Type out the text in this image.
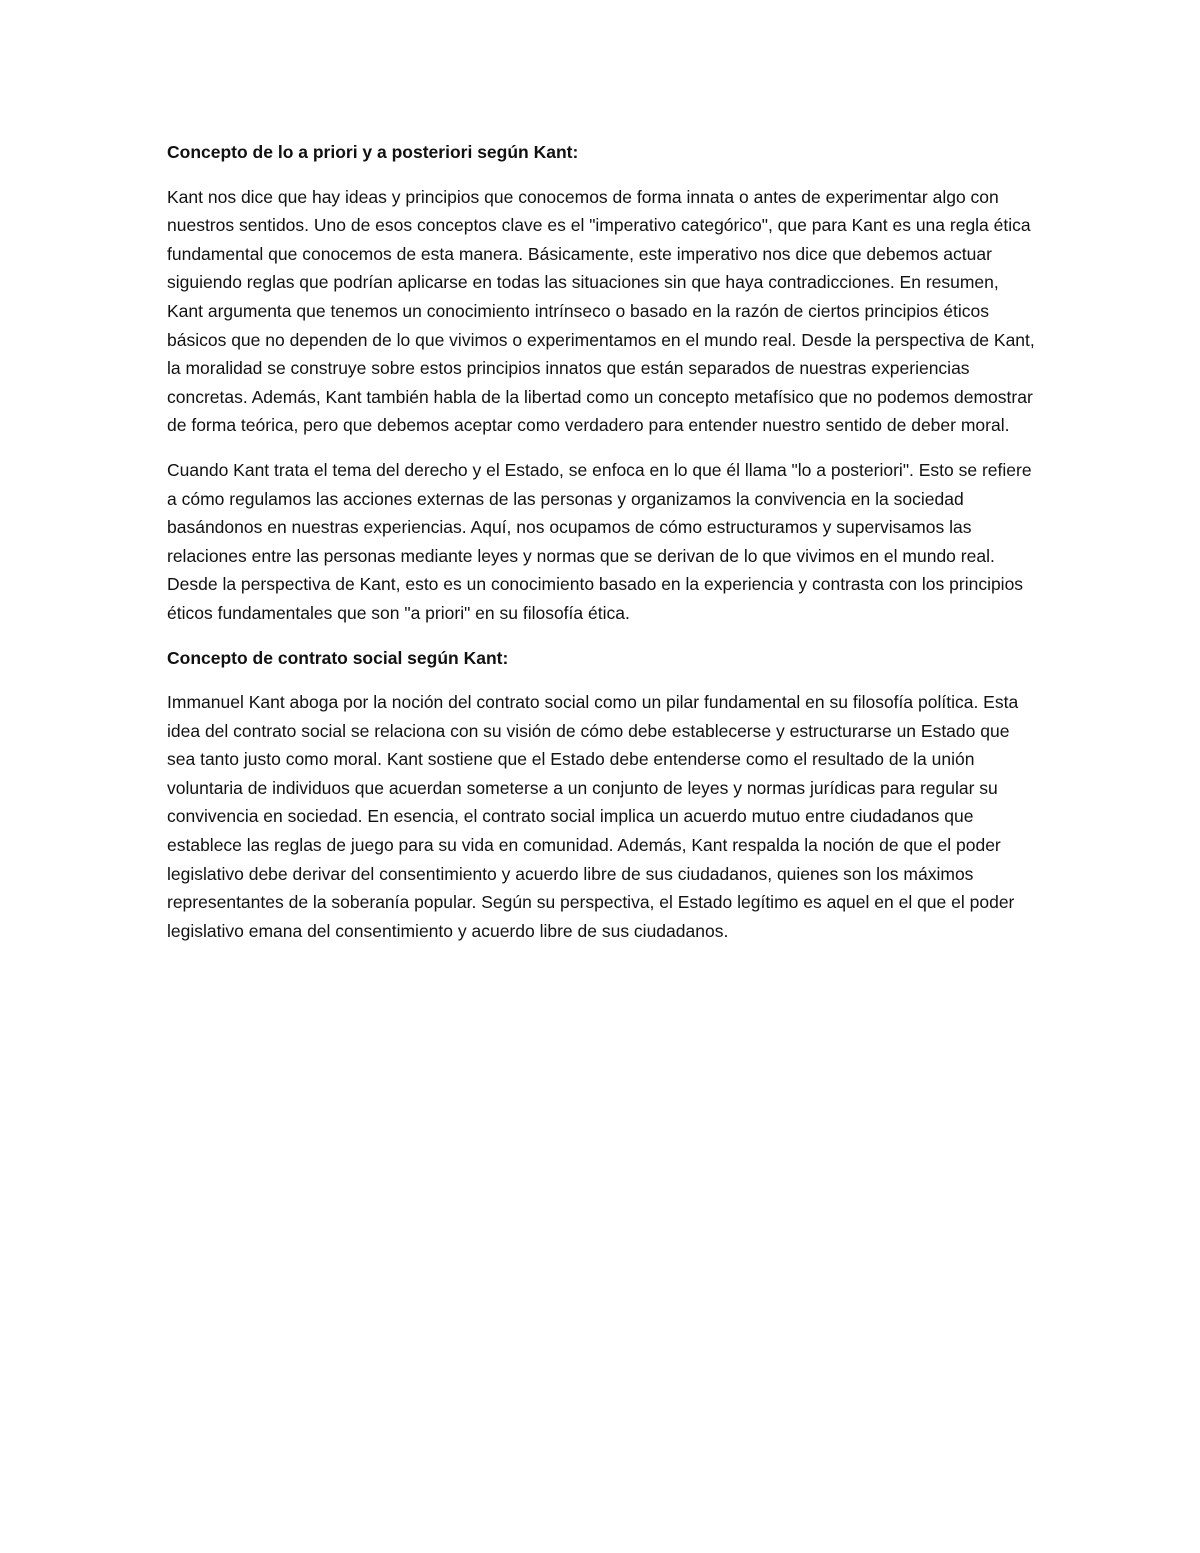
Concepto de lo a priori y a posteriori según Kant:

Kant nos dice que hay ideas y principios que conocemos de forma innata o antes de experimentar algo con nuestros sentidos. Uno de esos conceptos clave es el "imperativo categórico", que para Kant es una regla ética fundamental que conocemos de esta manera. Básicamente, este imperativo nos dice que debemos actuar siguiendo reglas que podrían aplicarse en todas las situaciones sin que haya contradicciones. En resumen, Kant argumenta que tenemos un conocimiento intrínseco o basado en la razón de ciertos principios éticos básicos que no dependen de lo que vivimos o experimentamos en el mundo real. Desde la perspectiva de Kant, la moralidad se construye sobre estos principios innatos que están separados de nuestras experiencias concretas. Además, Kant también habla de la libertad como un concepto metafísico que no podemos demostrar de forma teórica, pero que debemos aceptar como verdadero para entender nuestro sentido de deber moral.

Cuando Kant trata el tema del derecho y el Estado, se enfoca en lo que él llama "lo a posteriori". Esto se refiere a cómo regulamos las acciones externas de las personas y organizamos la convivencia en la sociedad basándonos en nuestras experiencias. Aquí, nos ocupamos de cómo estructuramos y supervisamos las relaciones entre las personas mediante leyes y normas que se derivan de lo que vivimos en el mundo real. Desde la perspectiva de Kant, esto es un conocimiento basado en la experiencia y contrasta con los principios éticos fundamentales que son "a priori" en su filosofía ética.

Concepto de contrato social según Kant:

Immanuel Kant aboga por la noción del contrato social como un pilar fundamental en su filosofía política. Esta idea del contrato social se relaciona con su visión de cómo debe establecerse y estructurarse un Estado que sea tanto justo como moral. Kant sostiene que el Estado debe entenderse como el resultado de la unión voluntaria de individuos que acuerdan someterse a un conjunto de leyes y normas jurídicas para regular su convivencia en sociedad. En esencia, el contrato social implica un acuerdo mutuo entre ciudadanos que establece las reglas de juego para su vida en comunidad. Además, Kant respalda la noción de que el poder legislativo debe derivar del consentimiento y acuerdo libre de sus ciudadanos, quienes son los máximos representantes de la soberanía popular. Según su perspectiva, el Estado legítimo es aquel en el que el poder legislativo emana del consentimiento y acuerdo libre de sus ciudadanos.
